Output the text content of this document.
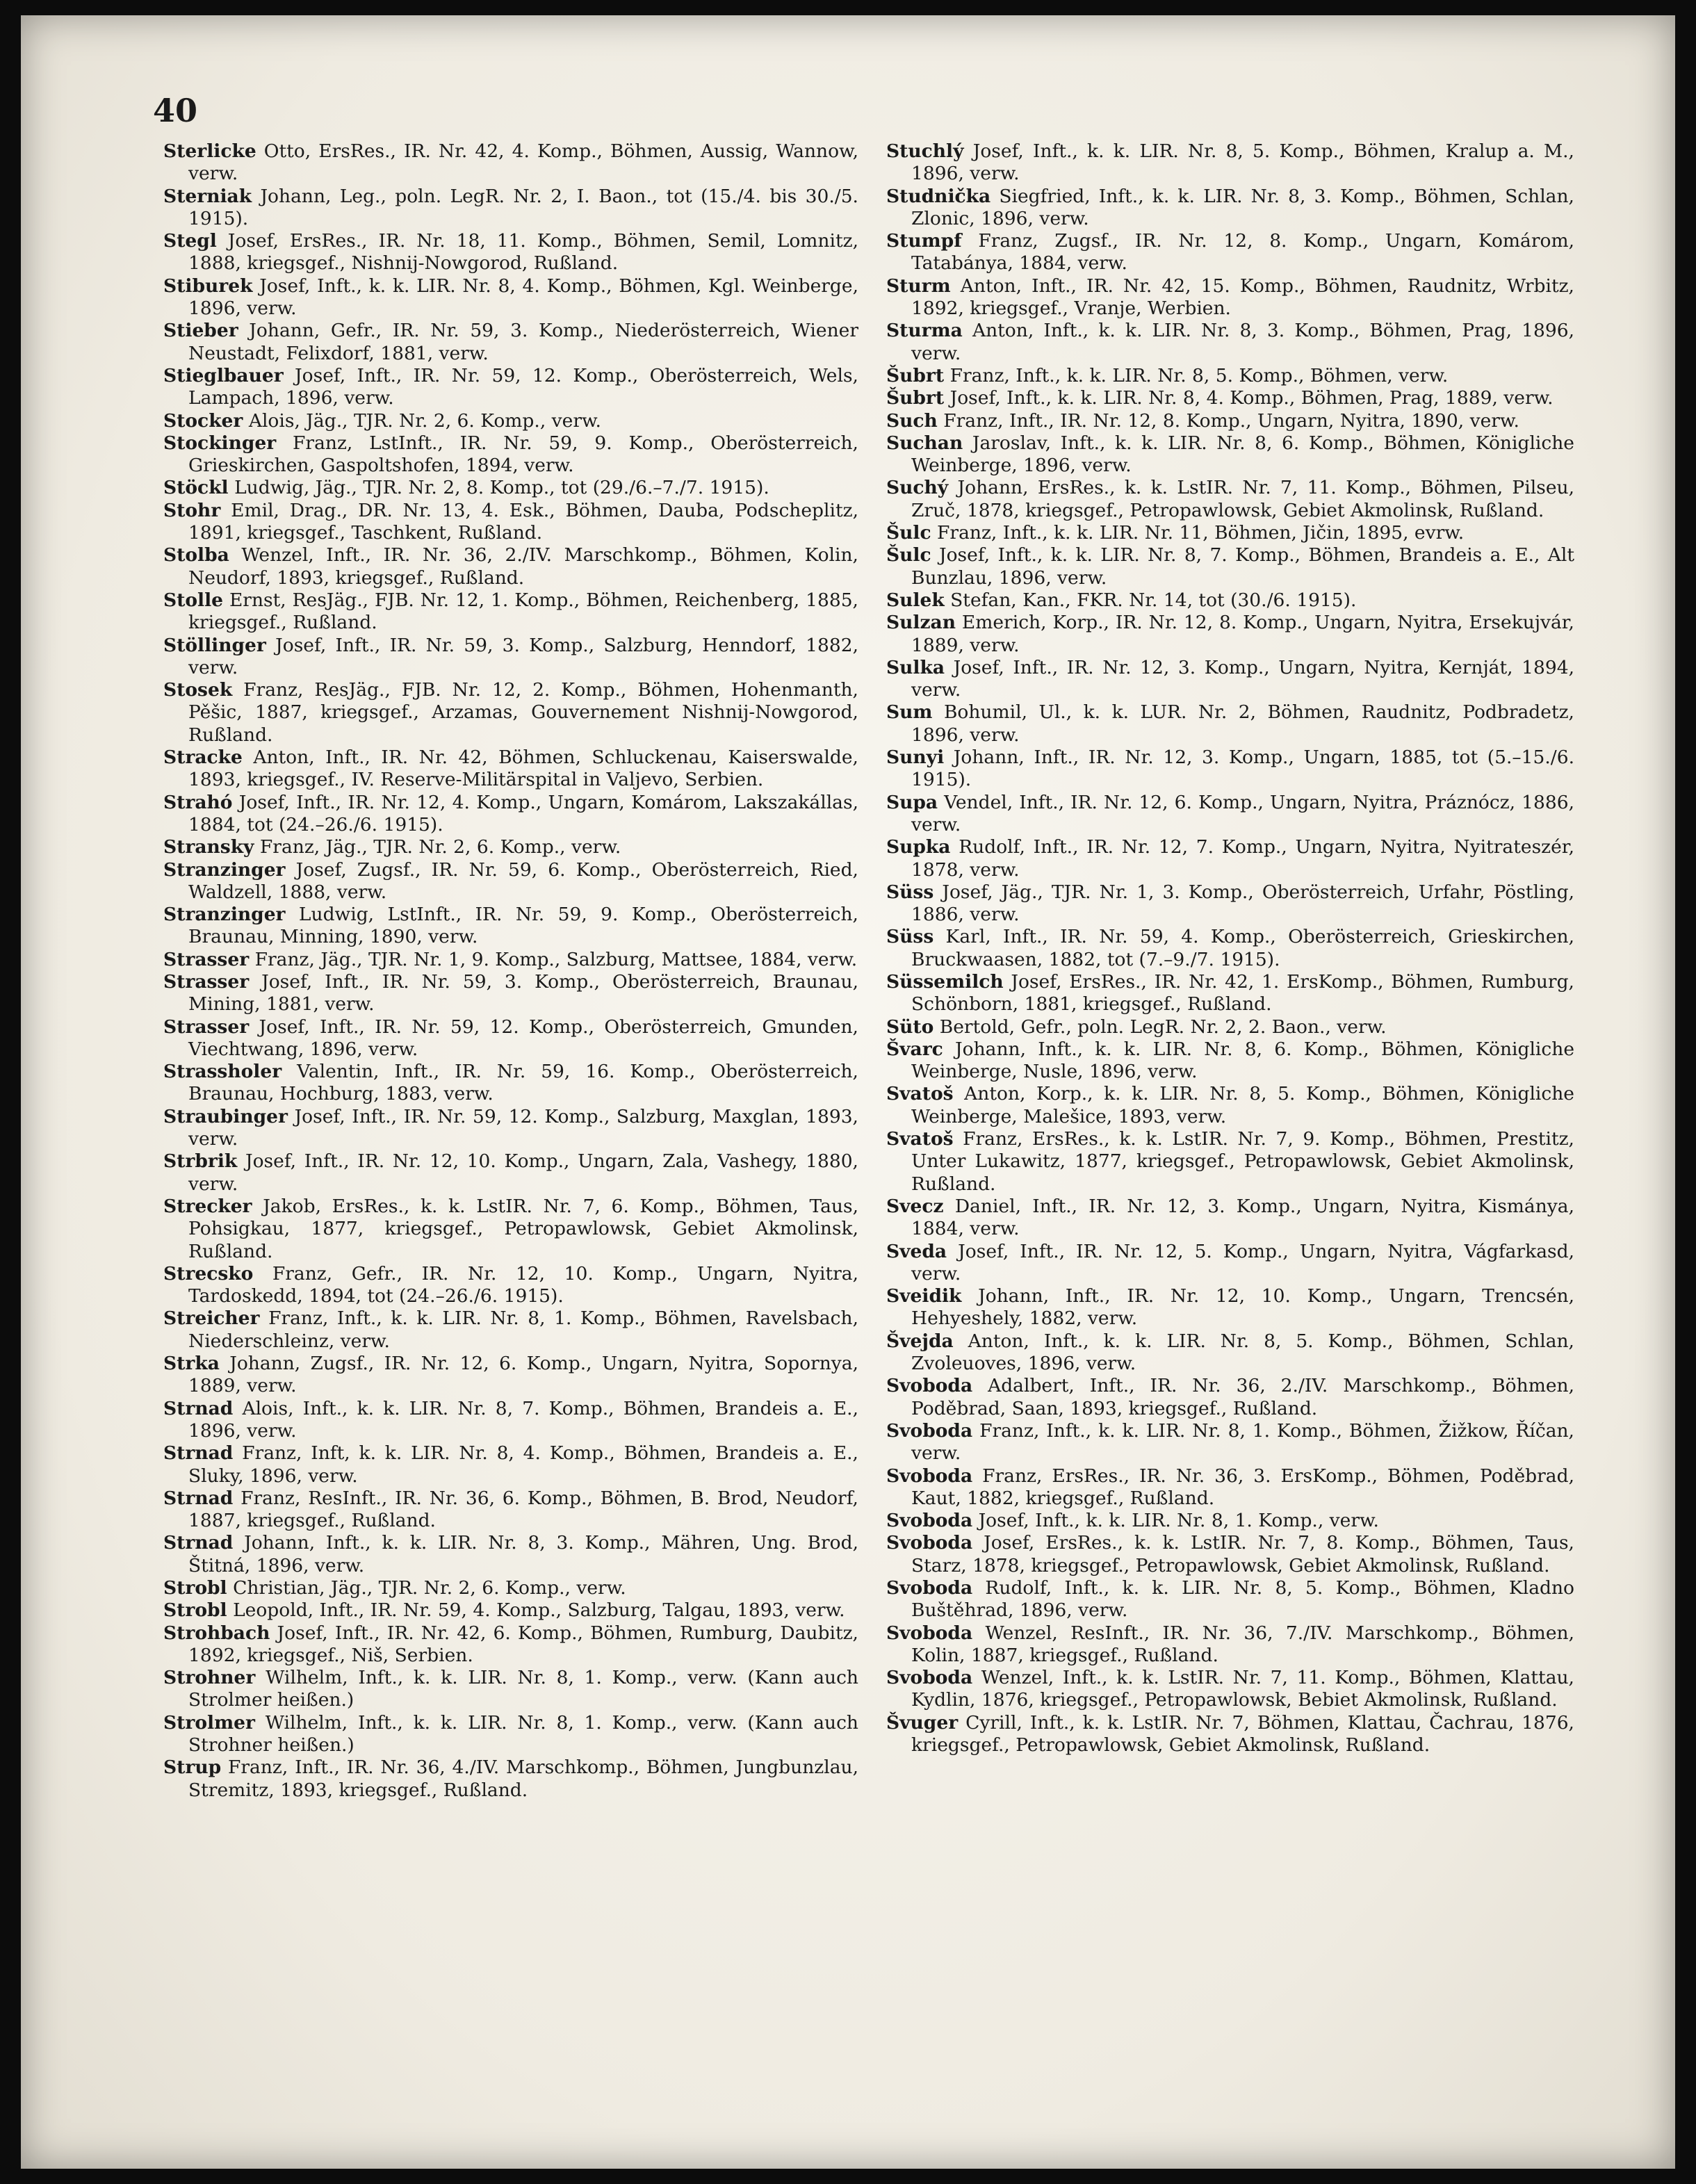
40

Sterlicke Otto, ErsRes., IR. Nr. 42, 4. Komp., Böhmen, Aussig, Wannow, verw.

Sterniak Johann, Leg., poln. LegR. Nr. 2, I. Baon., tot (15./4. bis 30./5. 1915).

Stegl Josef, ErsRes., IR. Nr. 18, 11. Komp., Böhmen, Semil, Lomnitz, 1888, kriegsgef., Nishnij-Nowgorod, Rußland.

Stiburek Josef, Inft., k. k. LIR. Nr. 8, 4. Komp., Böhmen, Kgl. Weinberge, 1896, verw.

Stieber Johann, Gefr., IR. Nr. 59, 3. Komp., Niederösterreich, Wiener Neustadt, Felixdorf, 1881, verw.

Stieglbauer Josef, Inft., IR. Nr. 59, 12. Komp., Oberösterreich, Wels, Lampach, 1896, verw.

Stocker Alois, Jäg., TJR. Nr. 2, 6. Komp., verw.

Stockinger Franz, LstInft., IR. Nr. 59, 9. Komp., Oberösterreich, Grieskirchen, Gaspoltshofen, 1894, verw.

Stöckl Ludwig, Jäg., TJR. Nr. 2, 8. Komp., tot (29./6.–7./7. 1915).

Stohr Emil, Drag., DR. Nr. 13, 4. Esk., Böhmen, Dauba, Podscheplitz, 1891, kriegsgef., Taschkent, Rußland.

Stolba Wenzel, Inft., IR. Nr. 36, 2./IV. Marschkomp., Böhmen, Kolin, Neudorf, 1893, kriegsgef., Rußland.

Stolle Ernst, ResJäg., FJB. Nr. 12, 1. Komp., Böhmen, Reichenberg, 1885, kriegsgef., Rußland.

Stöllinger Josef, Inft., IR. Nr. 59, 3. Komp., Salzburg, Henndorf, 1882, verw.

Stosek Franz, ResJäg., FJB. Nr. 12, 2. Komp., Böhmen, Hohenmanth, Pěšic, 1887, kriegsgef., Arzamas, Gouvernement Nishnij-Nowgorod, Rußland.

Stracke Anton, Inft., IR. Nr. 42, Böhmen, Schluckenau, Kaiserswalde, 1893, kriegsgef., IV. Reserve-Militärspital in Valjevo, Serbien.

Strahó Josef, Inft., IR. Nr. 12, 4. Komp., Ungarn, Komárom, Lakszakállas, 1884, tot (24.–26./6. 1915).

Stransky Franz, Jäg., TJR. Nr. 2, 6. Komp., verw.

Stranzinger Josef, Zugsf., IR. Nr. 59, 6. Komp., Oberösterreich, Ried, Waldzell, 1888, verw.

Stranzinger Ludwig, LstInft., IR. Nr. 59, 9. Komp., Oberösterreich, Braunau, Minning, 1890, verw.

Strasser Franz, Jäg., TJR. Nr. 1, 9. Komp., Salzburg, Mattsee, 1884, verw.

Strasser Josef, Inft., IR. Nr. 59, 3. Komp., Oberösterreich, Braunau, Mining, 1881, verw.

Strasser Josef, Inft., IR. Nr. 59, 12. Komp., Oberösterreich, Gmunden, Viechtwang, 1896, verw.

Strassholer Valentin, Inft., IR. Nr. 59, 16. Komp., Oberösterreich, Braunau, Hochburg, 1883, verw.

Straubinger Josef, Inft., IR. Nr. 59, 12. Komp., Salzburg, Maxglan, 1893, verw.

Strbrik Josef, Inft., IR. Nr. 12, 10. Komp., Ungarn, Zala, Vashegy, 1880, verw.

Strecker Jakob, ErsRes., k. k. LstIR. Nr. 7, 6. Komp., Böhmen, Taus, Pohsigkau, 1877, kriegsgef., Petropawlowsk, Gebiet Akmolinsk, Rußland.

Strecsko Franz, Gefr., IR. Nr. 12, 10. Komp., Ungarn, Nyitra, Tardoskedd, 1894, tot (24.–26./6. 1915).

Streicher Franz, Inft., k. k. LIR. Nr. 8, 1. Komp., Böhmen, Ravelsbach, Niederschleinz, verw.

Strka Johann, Zugsf., IR. Nr. 12, 6. Komp., Ungarn, Nyitra, Sopornya, 1889, verw.

Strnad Alois, Inft., k. k. LIR. Nr. 8, 7. Komp., Böhmen, Brandeis a. E., 1896, verw.

Strnad Franz, Inft, k. k. LIR. Nr. 8, 4. Komp., Böhmen, Brandeis a. E., Sluky, 1896, verw.

Strnad Franz, ResInft., IR. Nr. 36, 6. Komp., Böhmen, B. Brod, Neudorf, 1887, kriegsgef., Rußland.

Strnad Johann, Inft., k. k. LIR. Nr. 8, 3. Komp., Mähren, Ung. Brod, Štitná, 1896, verw.

Strobl Christian, Jäg., TJR. Nr. 2, 6. Komp., verw.

Strobl Leopold, Inft., IR. Nr. 59, 4. Komp., Salzburg, Talgau, 1893, verw.

Strohbach Josef, Inft., IR. Nr. 42, 6. Komp., Böhmen, Rumburg, Daubitz, 1892, kriegsgef., Niš, Serbien.

Strohner Wilhelm, Inft., k. k. LIR. Nr. 8, 1. Komp., verw. (Kann auch Strolmer heißen.)

Strolmer Wilhelm, Inft., k. k. LIR. Nr. 8, 1. Komp., verw. (Kann auch Strohner heißen.)

Strup Franz, Inft., IR. Nr. 36, 4./IV. Marschkomp., Böhmen, Jungbunzlau, Stremitz, 1893, kriegsgef., Rußland.

Stuchlý Josef, Inft., k. k. LIR. Nr. 8, 5. Komp., Böhmen, Kralup a. M., 1896, verw.

Studnička Siegfried, Inft., k. k. LIR. Nr. 8, 3. Komp., Böhmen, Schlan, Zlonic, 1896, verw.

Stumpf Franz, Zugsf., IR. Nr. 12, 8. Komp., Ungarn, Komárom, Tatabánya, 1884, verw.

Sturm Anton, Inft., IR. Nr. 42, 15. Komp., Böhmen, Raudnitz, Wrbitz, 1892, kriegsgef., Vranje, Werbien.

Sturma Anton, Inft., k. k. LIR. Nr. 8, 3. Komp., Böhmen, Prag, 1896, verw.

Šubrt Franz, Inft., k. k. LIR. Nr. 8, 5. Komp., Böhmen, verw.

Šubrt Josef, Inft., k. k. LIR. Nr. 8, 4. Komp., Böhmen, Prag, 1889, verw.

Such Franz, Inft., IR. Nr. 12, 8. Komp., Ungarn, Nyitra, 1890, verw.

Suchan Jaroslav, Inft., k. k. LIR. Nr. 8, 6. Komp., Böhmen, Königliche Weinberge, 1896, verw.

Suchý Johann, ErsRes., k. k. LstIR. Nr. 7, 11. Komp., Böhmen, Pilseu, Zruč, 1878, kriegsgef., Petropawlowsk, Gebiet Akmolinsk, Rußland.

Šulc Franz, Inft., k. k. LIR. Nr. 11, Böhmen, Jičin, 1895, evrw.

Šulc Josef, Inft., k. k. LIR. Nr. 8, 7. Komp., Böhmen, Brandeis a. E., Alt Bunzlau, 1896, verw.

Sulek Stefan, Kan., FKR. Nr. 14, tot (30./6. 1915).

Sulzan Emerich, Korp., IR. Nr. 12, 8. Komp., Ungarn, Nyitra, Ersekujvár, 1889, verw.

Sulka Josef, Inft., IR. Nr. 12, 3. Komp., Ungarn, Nyitra, Kernját, 1894, verw.

Sum Bohumil, Ul., k. k. LUR. Nr. 2, Böhmen, Raudnitz, Podbradetz, 1896, verw.

Sunyi Johann, Inft., IR. Nr. 12, 3. Komp., Ungarn, 1885, tot (5.–15./6. 1915).

Supa Vendel, Inft., IR. Nr. 12, 6. Komp., Ungarn, Nyitra, Práznócz, 1886, verw.

Supka Rudolf, Inft., IR. Nr. 12, 7. Komp., Ungarn, Nyitra, Nyitrateszér, 1878, verw.

Süss Josef, Jäg., TJR. Nr. 1, 3. Komp., Oberösterreich, Urfahr, Pöstling, 1886, verw.

Süss Karl, Inft., IR. Nr. 59, 4. Komp., Oberösterreich, Grieskirchen, Bruckwaasen, 1882, tot (7.–9./7. 1915).

Süssemilch Josef, ErsRes., IR. Nr. 42, 1. ErsKomp., Böhmen, Rumburg, Schönborn, 1881, kriegsgef., Rußland.

Süto Bertold, Gefr., poln. LegR. Nr. 2, 2. Baon., verw.

Švarc Johann, Inft., k. k. LIR. Nr. 8, 6. Komp., Böhmen, Königliche Weinberge, Nusle, 1896, verw.

Svatoš Anton, Korp., k. k. LIR. Nr. 8, 5. Komp., Böhmen, Königliche Weinberge, Malešice, 1893, verw.

Svatoš Franz, ErsRes., k. k. LstIR. Nr. 7, 9. Komp., Böhmen, Prestitz, Unter Lukawitz, 1877, kriegsgef., Petropawlowsk, Gebiet Akmolinsk, Rußland.

Svecz Daniel, Inft., IR. Nr. 12, 3. Komp., Ungarn, Nyitra, Kismánya, 1884, verw.

Sveda Josef, Inft., IR. Nr. 12, 5. Komp., Ungarn, Nyitra, Vágfarkasd, verw.

Sveidik Johann, Inft., IR. Nr. 12, 10. Komp., Ungarn, Trencsén, Hehyeshely, 1882, verw.

Švejda Anton, Inft., k. k. LIR. Nr. 8, 5. Komp., Böhmen, Schlan, Zvoleuoves, 1896, verw.

Svoboda Adalbert, Inft., IR. Nr. 36, 2./IV. Marschkomp., Böhmen, Poděbrad, Saan, 1893, kriegsgef., Rußland.

Svoboda Franz, Inft., k. k. LIR. Nr. 8, 1. Komp., Böhmen, Žižkow, Říčan, verw.

Svoboda Franz, ErsRes., IR. Nr. 36, 3. ErsKomp., Böhmen, Poděbrad, Kaut, 1882, kriegsgef., Rußland.

Svoboda Josef, Inft., k. k. LIR. Nr. 8, 1. Komp., verw.

Svoboda Josef, ErsRes., k. k. LstIR. Nr. 7, 8. Komp., Böhmen, Taus, Starz, 1878, kriegsgef., Petropawlowsk, Gebiet Akmolinsk, Rußland.

Svoboda Rudolf, Inft., k. k. LIR. Nr. 8, 5. Komp., Böhmen, Kladno Buštěhrad, 1896, verw.

Svoboda Wenzel, ResInft., IR. Nr. 36, 7./IV. Marschkomp., Böhmen, Kolin, 1887, kriegsgef., Rußland.

Svoboda Wenzel, Inft., k. k. LstIR. Nr. 7, 11. Komp., Böhmen, Klattau, Kydlin, 1876, kriegsgef., Petropawlowsk, Bebiet Akmolinsk, Rußland.

Švuger Cyrill, Inft., k. k. LstIR. Nr. 7, Böhmen, Klattau, Čachrau, 1876, kriegsgef., Petropawlowsk, Gebiet Akmolinsk, Rußland.
